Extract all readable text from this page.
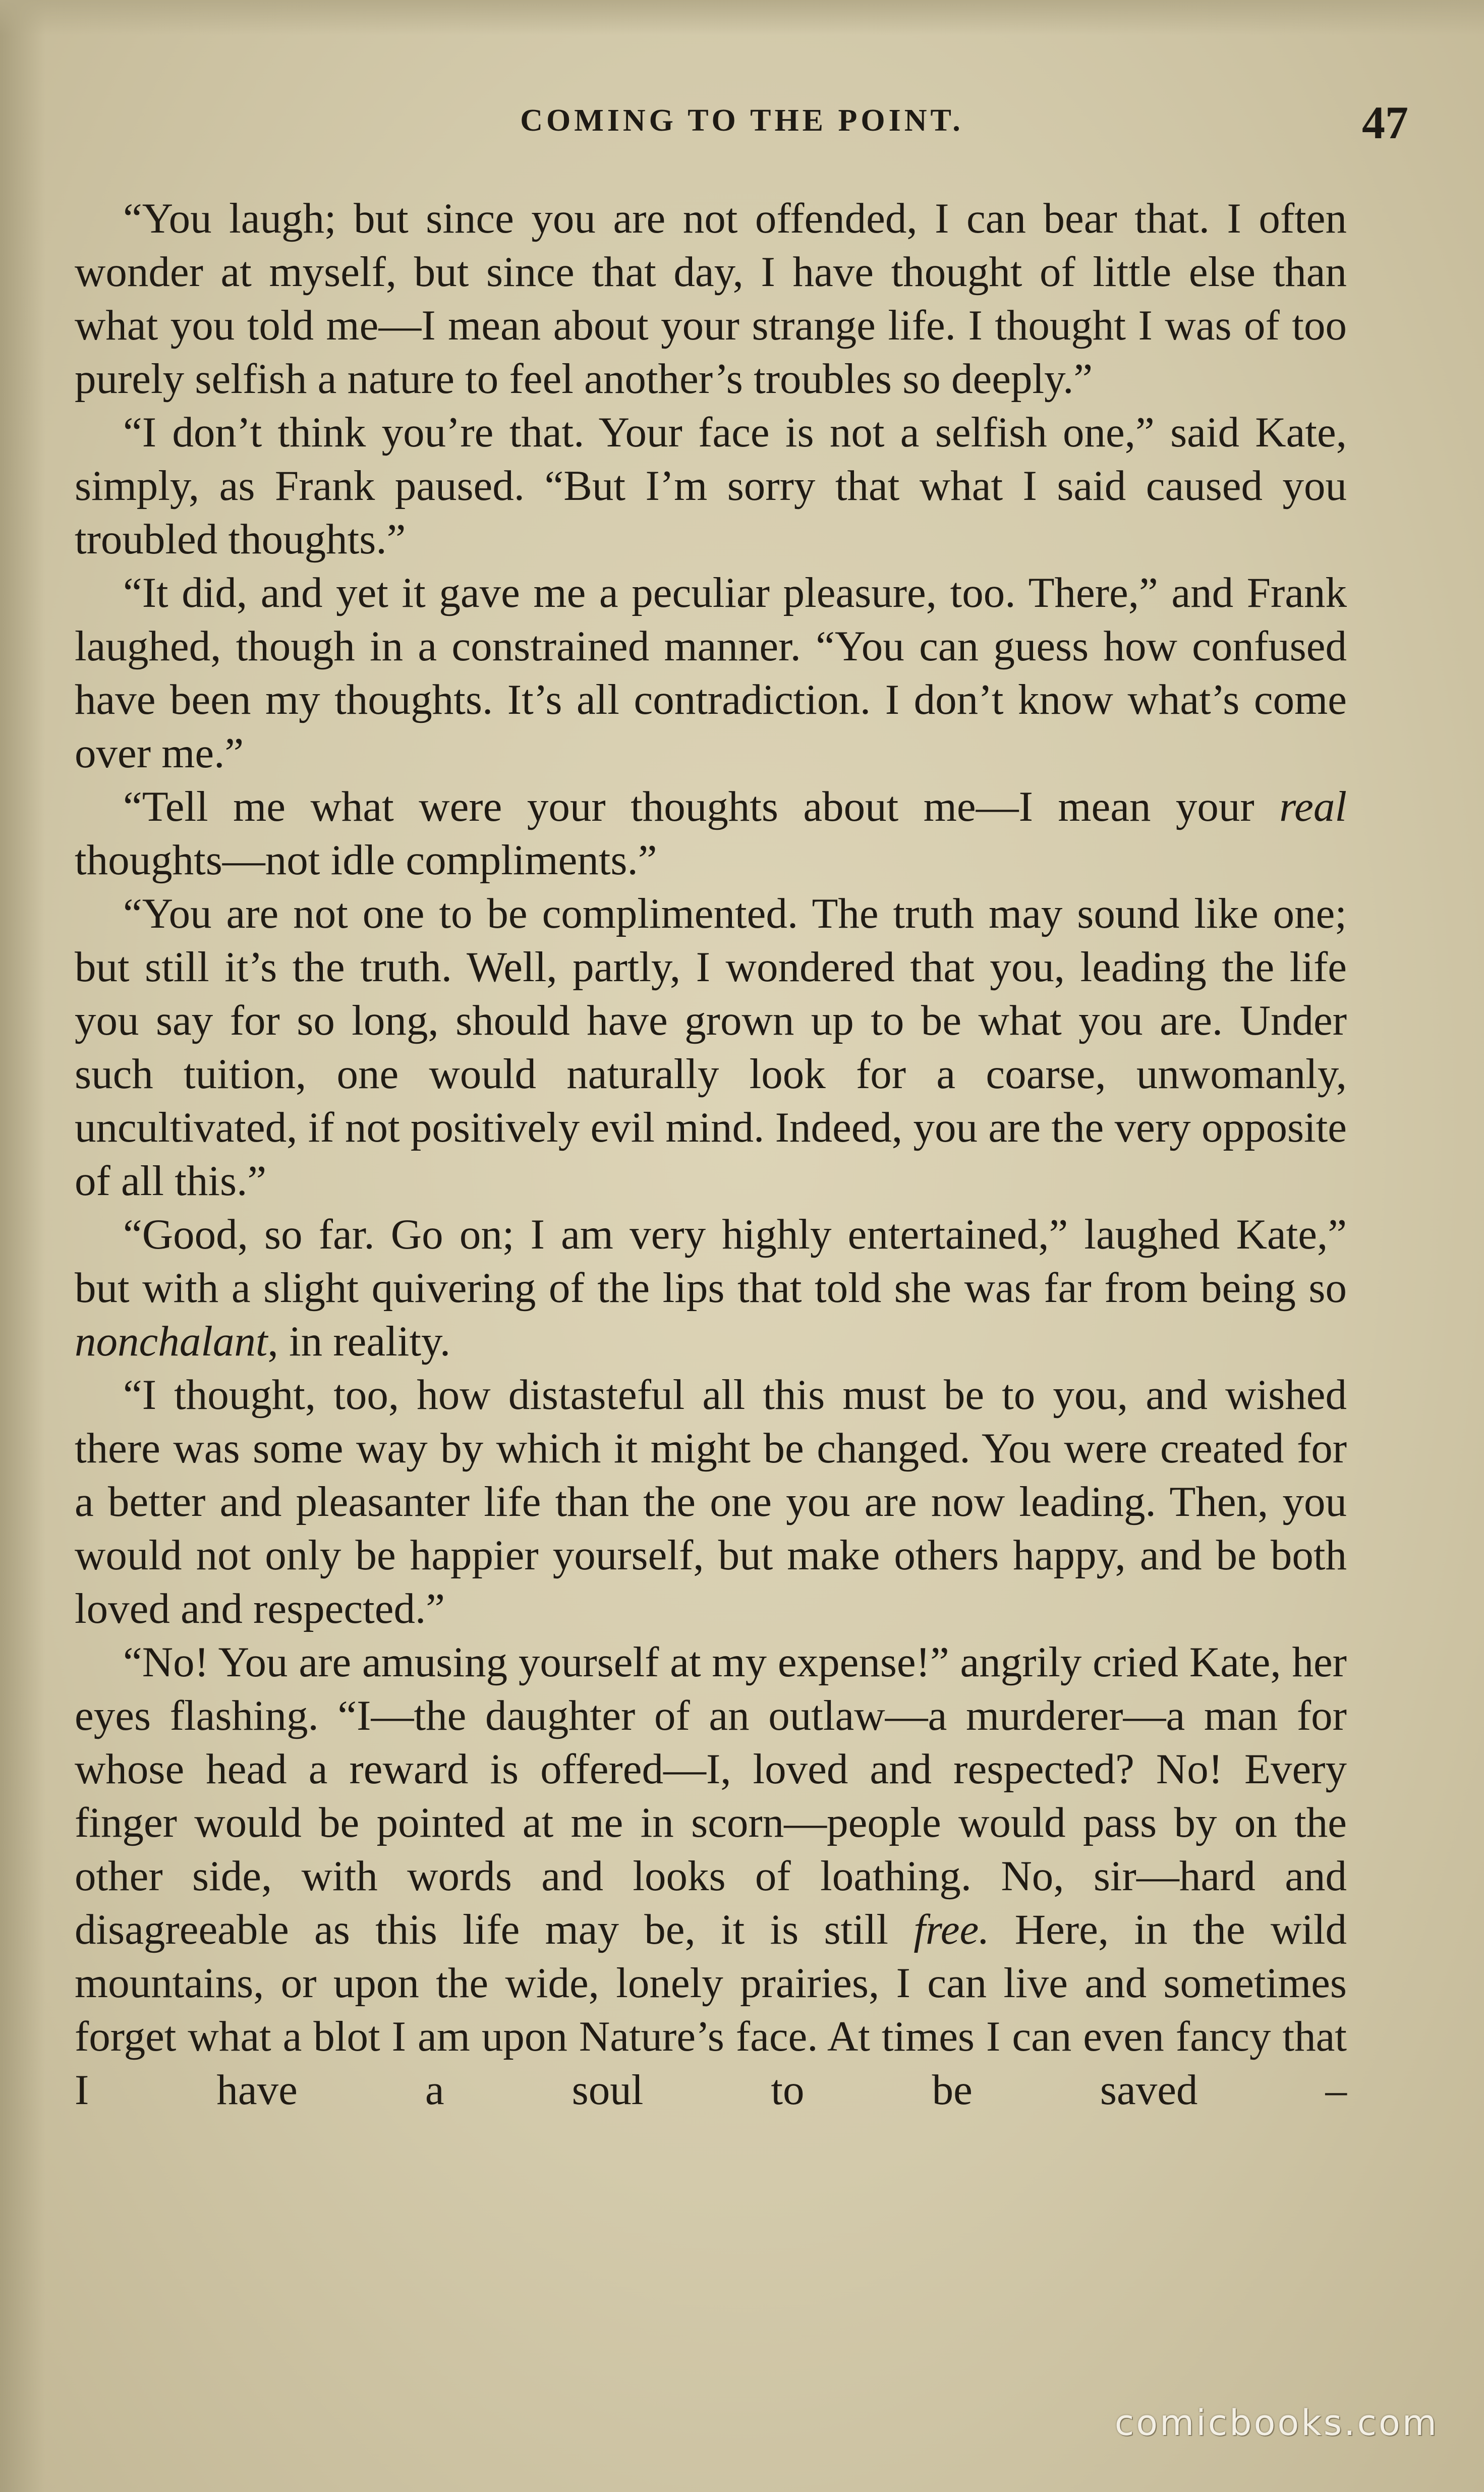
COMING TO THE POINT.	47

“You laugh; but since you are not offended, I can bear that. I often wonder at myself, but since that day, I have thought of little else than what you told me—I mean about your strange life. I thought I was of too purely selfish a nature to feel another’s troubles so deeply.”

“I don’t think you’re that. Your face is not a selfish one,” said Kate, simply, as Frank paused. “But I’m sorry that what I said caused you troubled thoughts.”

“It did, and yet it gave me a peculiar pleasure, too. There,” and Frank laughed, though in a constrained manner. “You can guess how confused have been my thoughts. It’s all contradiction. I don’t know what’s come over me.”

“Tell me what were your thoughts about me—I mean your real thoughts—not idle compliments.”

“You are not one to be complimented. The truth may sound like one; but still it’s the truth. Well, partly, I wondered that you, leading the life you say for so long, should have grown up to be what you are. Under such tuition, one would naturally look for a coarse, unwomanly, uncultivated, if not positively evil mind. Indeed, you are the very opposite of all this.”

“Good, so far. Go on; I am very highly entertained,” laughed Kate,” but with a slight quivering of the lips that told she was far from being so nonchalant, in reality.

“I thought, too, how distasteful all this must be to you, and wished there was some way by which it might be changed. You were created for a better and pleasanter life than the one you are now leading. Then, you would not only be happier yourself, but make others happy, and be both loved and respected.”

“No! You are amusing yourself at my expense!” angrily cried Kate, her eyes flashing. “I—the daughter of an outlaw—a murderer—a man for whose head a reward is offered—I, loved and respected? No! Every finger would be pointed at me in scorn—people would pass by on the other side, with words and looks of loathing. No, sir—hard and disagreeable as this life may be, it is still free. Here, in the wild mountains, or upon the wide, lonely prairies, I can live and sometimes forget what a blot I am upon Nature’s face. At times I can even fancy that I have a soul to be saved –

comicbooks.com
